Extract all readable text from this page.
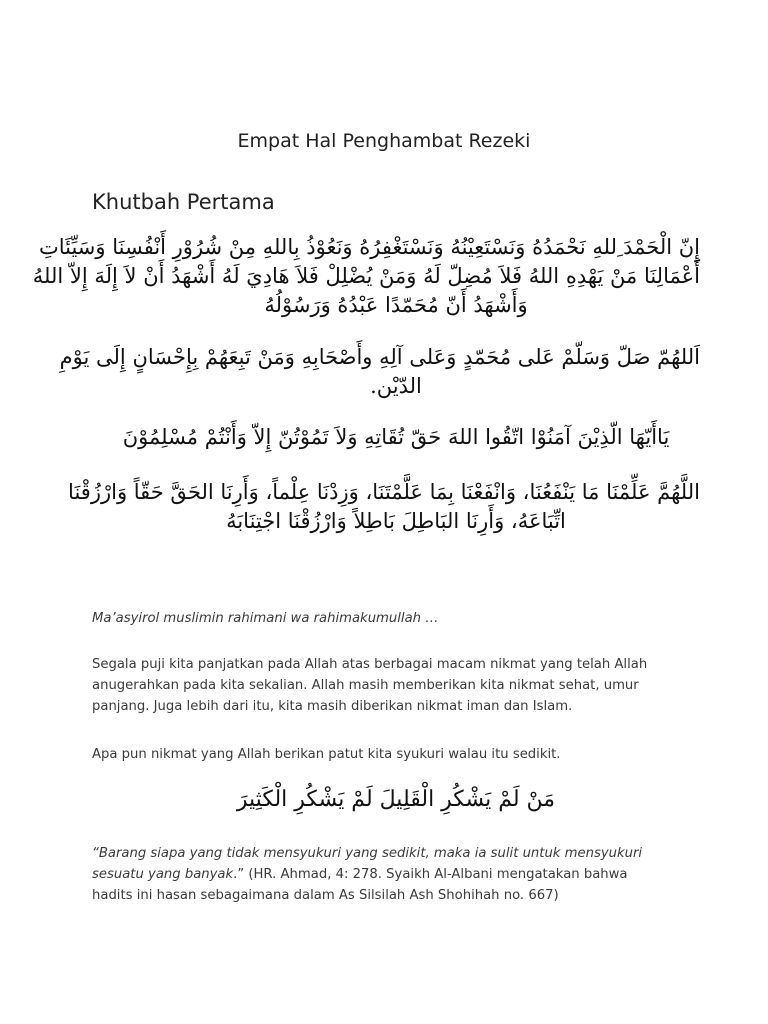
Empat Hal Penghambat Rezeki
Khutbah Pertama
إِنّ الْحَمْدَ ِللهِ نَحْمَدُهُ وَنَسْتَعِيْنُهُ وَنَسْتَغْفِرُهُ وَنَعُوْذُ بِاللهِ مِنْ شُرُوْرِ أَنْفُسِنَا وَسَيِّئَاتِ
أَعْمَالِنَا مَنْ يَهْدِهِ اللهُ فَلاَ مُضِلّ لَهُ وَمَنْ يُضْلِلْ فَلاَ هَادِيَ لَهُ أَشْهَدُ أَنْ لاَ إِلَهَ إِلاّ اللهُ
وَأَشْهَدُ أَنّ مُحَمّدًا عَبْدُهُ وَرَسُوْلُهُ
اَللهُمّ صَلّ وَسَلّمْ عَلى مُحَمّدٍ وَعَلى آلِهِ وأَصْحَابِهِ وَمَنْ تَبِعَهُمْ بِإِحْسَانٍ إِلَى يَوْمِ
الدّيْن.
يَاأَيّهَا الّذِيْنَ آمَنُوْا اتّقُوا اللهَ حَقّ تُقَاتِهِ وَلاَ تَمُوْتُنّ إِلاّ وَأَنْتُمْ مُسْلِمُوْنَ
اللَّهُمَّ عَلِّمْنَا مَا يَنْفَعُنَا، وَانْفَعْنَا بِمَا عَلَّمْتَنَا، وَزِدْنَا عِلْماً، وَأَرِنَا الحَقَّ حَقّاً وَارْزُقْنَا
اتِّبَاعَهُ، وَأَرِنَا البَاطِلَ بَاطِلاً وَارْزُقْنَا اجْتِنَابَهُ
Ma’asyirol muslimin rahimani wa rahimakumullah …
Segala puji kita panjatkan pada Allah atas berbagai macam nikmat yang telah Allah
anugerahkan pada kita sekalian. Allah masih memberikan kita nikmat sehat, umur
panjang. Juga lebih dari itu, kita masih diberikan nikmat iman dan Islam.
Apa pun nikmat yang Allah berikan patut kita syukuri walau itu sedikit.
مَنْ لَمْ يَشْكُرِ الْقَلِيلَ لَمْ يَشْكُرِ الْكَثِيرَ
“Barang siapa yang tidak mensyukuri yang sedikit, maka ia sulit untuk mensyukuri
sesuatu yang banyak.” (HR. Ahmad, 4: 278. Syaikh Al-Albani mengatakan bahwa
hadits ini hasan sebagaimana dalam As Silsilah Ash Shohihah no. 667)
